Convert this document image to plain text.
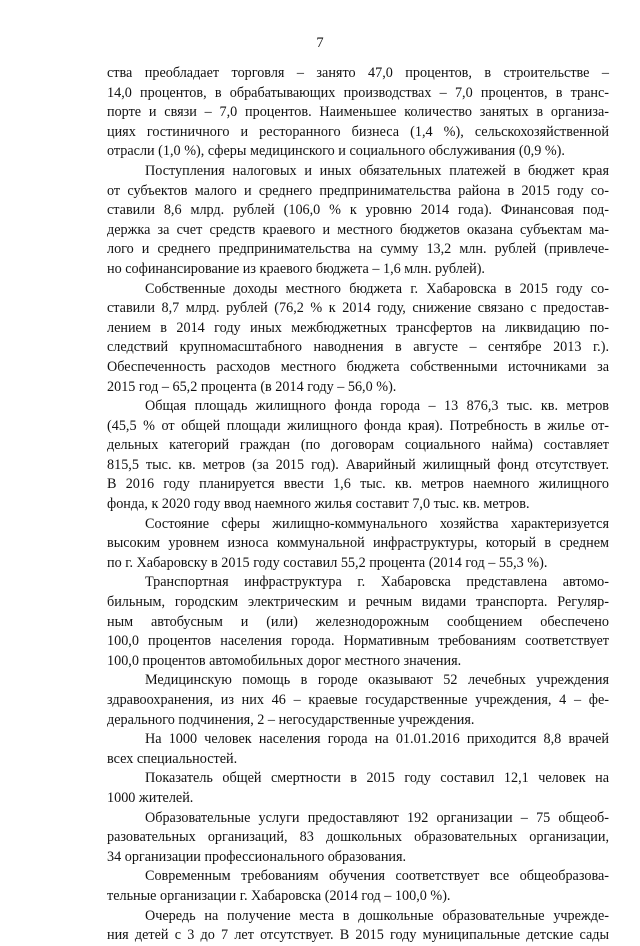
7
ства преобладает торговля – занято 47,0 процентов, в строительстве –
14,0 процентов, в обрабатывающих производствах – 7,0 процентов, в транс-
порте и связи – 7,0 процентов. Наименьшее количество занятых в организа-
циях гостиничного и ресторанного бизнеса (1,4 %), сельскохозяйственной
отрасли (1,0 %), сферы медицинского и социального обслуживания (0,9 %).
Поступления налоговых и иных обязательных платежей в бюджет края
от субъектов малого и среднего предпринимательства района в 2015 году со-
ставили 8,6 млрд. рублей (106,0 % к уровню 2014 года). Финансовая под-
держка за счет средств краевого и местного бюджетов оказана субъектам ма-
лого и среднего предпринимательства на сумму 13,2 млн. рублей (привлече-
но софинансирование из краевого бюджета – 1,6 млн. рублей).
Собственные доходы местного бюджета г. Хабаровска в 2015 году со-
ставили 8,7 млрд. рублей (76,2 % к 2014 году, снижение связано с предостав-
лением в 2014 году иных межбюджетных трансфертов на ликвидацию по-
следствий крупномасштабного наводнения в августе – сентябре 2013 г.).
Обеспеченность расходов местного бюджета собственными источниками за
2015 год – 65,2 процента (в 2014 году – 56,0 %).
Общая площадь жилищного фонда города – 13 876,3 тыс. кв. метров
(45,5 % от общей площади жилищного фонда края). Потребность в жилье от-
дельных категорий граждан (по договорам социального найма) составляет
815,5 тыс. кв. метров (за 2015 год). Аварийный жилищный фонд отсутствует.
В 2016 году планируется ввести 1,6 тыс. кв. метров наемного жилищного
фонда, к 2020 году ввод наемного жилья составит 7,0 тыс. кв. метров.
Состояние сферы жилищно-коммунального хозяйства характеризуется
высоким уровнем износа коммунальной инфраструктуры, который в среднем
по г. Хабаровску в 2015 году составил 55,2 процента (2014 год – 55,3 %).
Транспортная инфраструктура г. Хабаровска представлена автомо-
бильным, городским электрическим и речным видами транспорта. Регуляр-
ным автобусным и (или) железнодорожным сообщением обеспечено
100,0 процентов населения города. Нормативным требованиям соответствует
100,0 процентов автомобильных дорог местного значения.
Медицинскую помощь в городе оказывают 52 лечебных учреждения
здравоохранения, из них 46 – краевые государственные учреждения, 4 – фе-
дерального подчинения, 2 – негосударственные учреждения.
На 1000 человек населения города на 01.01.2016 приходится 8,8 врачей
всех специальностей.
Показатель общей смертности в 2015 году составил 12,1 человек на
1000 жителей.
Образовательные услуги предоставляют 192 организации – 75 общеоб-
разовательных организаций, 83 дошкольных образовательных организации,
34 организации профессионального образования.
Современным требованиям обучения соответствует все общеобразова-
тельные организации г. Хабаровска (2014 год – 100,0 %).
Очередь на получение места в дошкольные образовательные учрежде-
ния детей с 3 до 7 лет отсутствует. В 2015 году муниципальные детские сады
